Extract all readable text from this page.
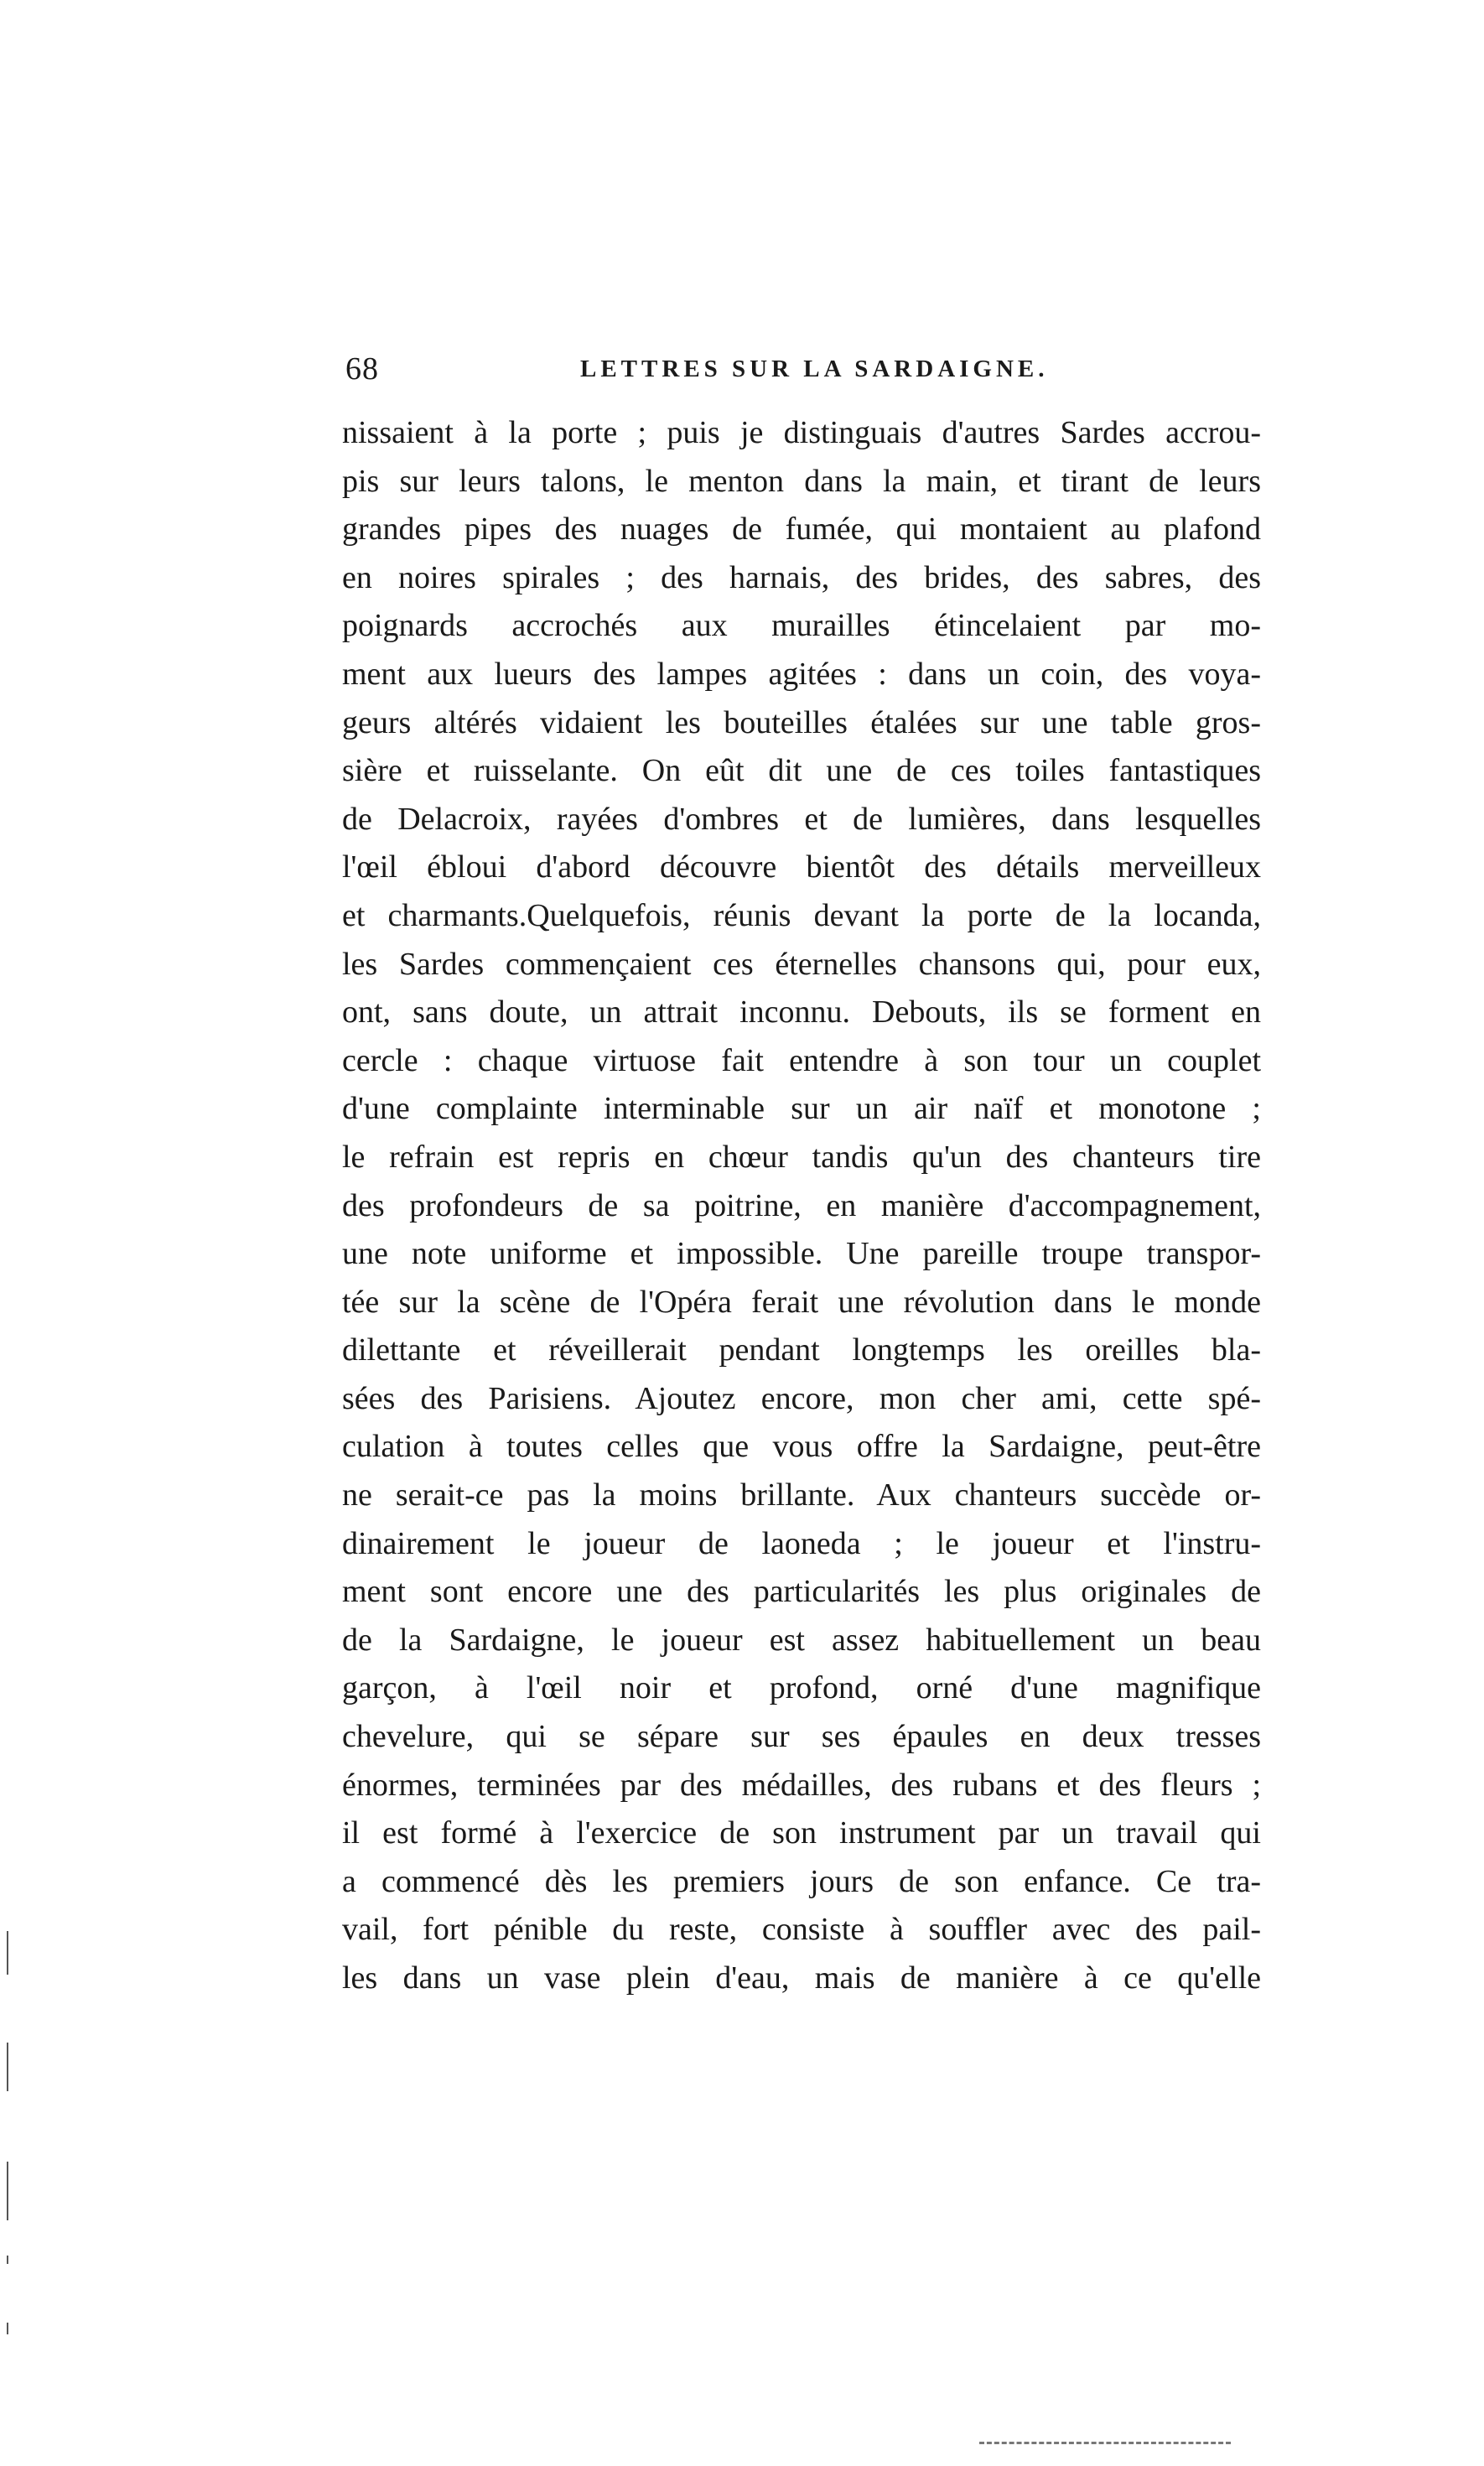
68	LETTRES SUR LA SARDAIGNE.
nissaient à la porte ; puis je distinguais d'autres Sardes accrou-
pis sur leurs talons, le menton dans la main, et tirant de leurs
grandes pipes des nuages de fumée, qui montaient au plafond
en noires spirales ; des harnais, des brides, des sabres, des
poignards accrochés aux murailles étincelaient par mo-
ment aux lueurs des lampes agitées : dans un coin, des voya-
geurs altérés vidaient les bouteilles étalées sur une table gros-
sière et ruisselante. On eût dit une de ces toiles fantastiques
de Delacroix, rayées d'ombres et de lumières, dans lesquelles
l'œil ébloui d'abord découvre bientôt des détails merveilleux
et charmants.Quelquefois, réunis devant la porte de la locanda,
les Sardes commençaient ces éternelles chansons qui, pour eux,
ont, sans doute, un attrait inconnu. Debouts, ils se forment en
cercle : chaque virtuose fait entendre à son tour un couplet
d'une complainte interminable sur un air naïf et monotone ;
le refrain est repris en chœur tandis qu'un des chanteurs tire
des profondeurs de sa poitrine, en manière d'accompagnement,
une note uniforme et impossible. Une pareille troupe transpor-
tée sur la scène de l'Opéra ferait une révolution dans le monde
dilettante et réveillerait pendant longtemps les oreilles bla-
sées des Parisiens. Ajoutez encore, mon cher ami, cette spé-
culation à toutes celles que vous offre la Sardaigne, peut-être
ne serait-ce pas la moins brillante. Aux chanteurs succède or-
dinairement le joueur de laoneda ; le joueur et l'instru-
ment sont encore une des particularités les plus originales de
de la Sardaigne, le joueur est assez habituellement un beau
garçon, à l'œil noir et profond, orné d'une magnifique
chevelure, qui se sépare sur ses épaules en deux tresses
énormes, terminées par des médailles, des rubans et des fleurs ;
il est formé à l'exercice de son instrument par un travail qui
a commencé dès les premiers jours de son enfance. Ce tra-
vail, fort pénible du reste, consiste à souffler avec des pail-
les dans un vase plein d'eau, mais de manière à ce qu'elle
